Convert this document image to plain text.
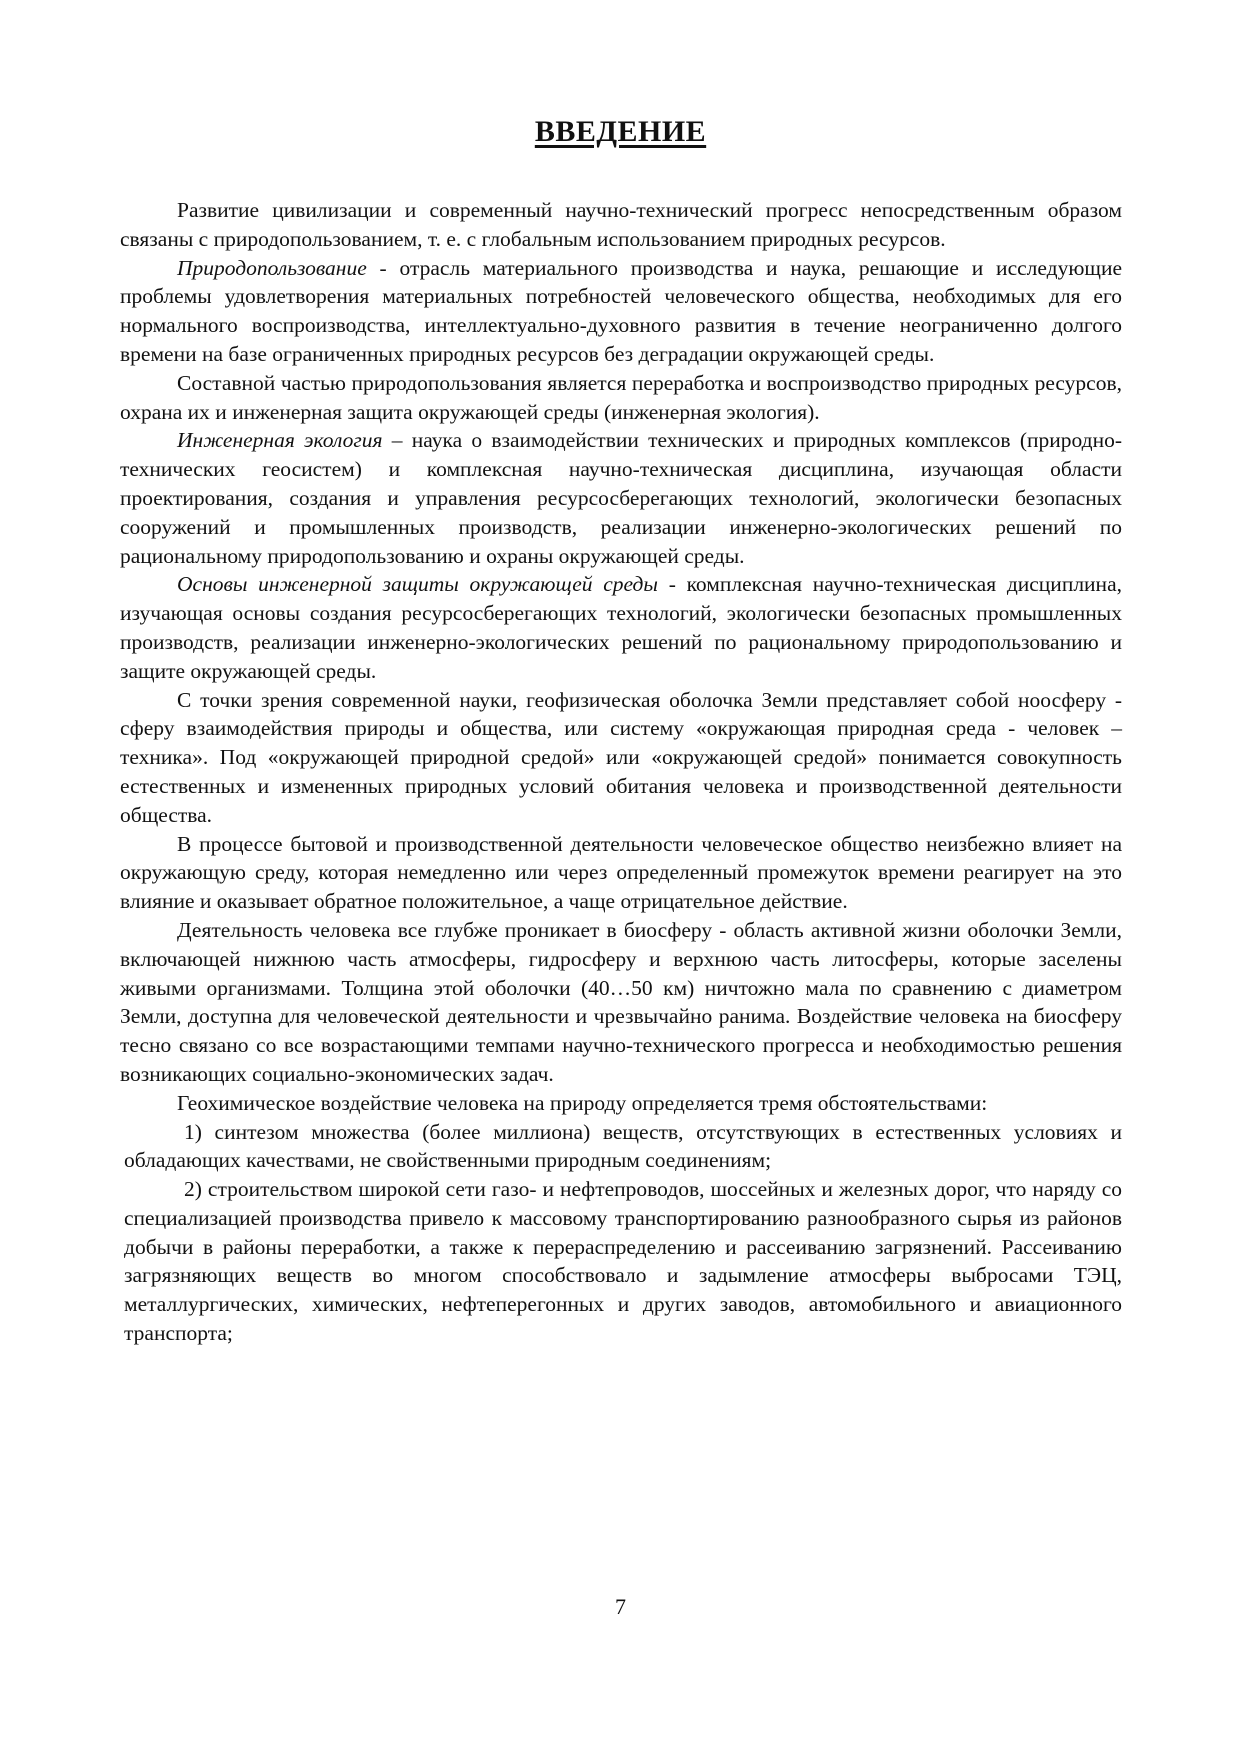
ВВЕДЕНИЕ

Развитие цивилизации и современный научно-технический прогресс непосредственным образом связаны с природопользованием, т. е. с глобальным использованием природных ресурсов.

Природопользование - отрасль материального производства и наука, решающие и исследующие проблемы удовлетворения материальных потребностей человеческого общества, необходимых для его нормального воспроизводства, интеллектуально-духовного развития в течение неограниченно долгого времени на базе ограниченных природных ресурсов без деградации окружающей среды.

Составной частью природопользования является переработка и воспроизводство природных ресурсов, охрана их и инженерная защита окружающей среды (инженерная экология).

Инженерная экология – наука о взаимодействии технических и природных комплексов (природно-технических геосистем) и комплексная научно-техническая дисциплина, изучающая области проектирования, создания и управления ресурсосберегающих технологий, экологически безопасных сооружений и промышленных производств, реализации инженерно-экологических решений по рациональному природопользованию и охраны окружающей среды.

Основы инженерной защиты окружающей среды - комплексная научно-техническая дисциплина, изучающая основы создания ресурсосберегающих технологий, экологически безопасных промышленных производств, реализации инженерно-экологических решений по рациональному природопользованию и защите окружающей среды.

С точки зрения современной науки, геофизическая оболочка Земли представляет собой ноосферу - сферу взаимодействия природы и общества, или систему «окружающая природная среда - человек – техника». Под «окружающей природной средой» или «окружающей средой» понимается совокупность естественных и измененных природных условий обитания человека и производственной деятельности общества.

В процессе бытовой и производственной деятельности человеческое общество неизбежно влияет на окружающую среду, которая немедленно или через определенный промежуток времени реагирует на это влияние и оказывает обратное положительное, а чаще отрицательное действие.

Деятельность человека все глубже проникает в биосферу - область активной жизни оболочки Земли, включающей нижнюю часть атмосферы, гидросферу и верхнюю часть литосферы, которые заселены живыми организмами. Толщина этой оболочки (40…50 км) ничтожно мала по сравнению с диаметром Земли, доступна для человеческой деятельности и чрезвычайно ранима. Воздействие человека на биосферу тесно связано со все возрастающими темпами научно-технического прогресса и необходимостью решения возникающих социально-экономических задач.

Геохимическое воздействие человека на природу определяется тремя обстоятельствами:

1) синтезом множества (более миллиона) веществ, отсутствующих в естественных условиях и обладающих качествами, не свойственными природным соединениям;

2) строительством широкой сети газо- и нефтепроводов, шоссейных и железных дорог, что наряду со специализацией производства привело к массовому транспортированию разнообразного сырья из районов добычи в районы переработки, а также к перераспределению и рассеиванию загрязнений. Рассеиванию загрязняющих веществ во многом способствовало и задымление атмосферы выбросами ТЭЦ, металлургических, химических, нефтеперегонных и других заводов, автомобильного и авиационного транспорта;

7
